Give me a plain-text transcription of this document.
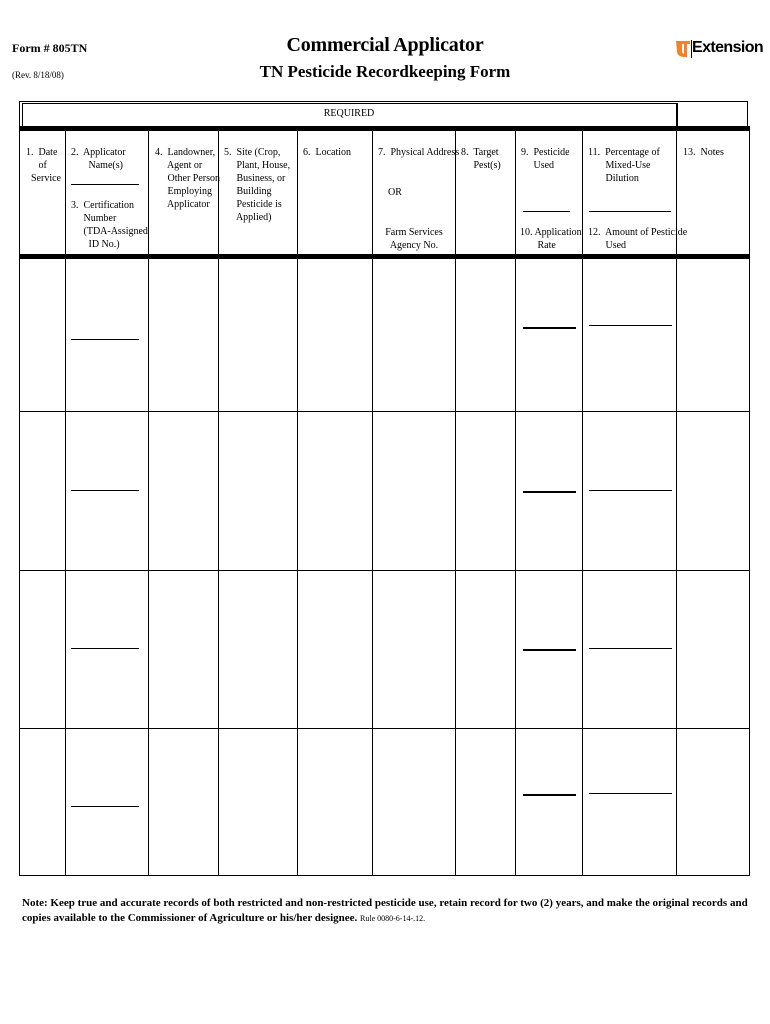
Form # 805TN
(Rev. 8/18/08)
Commercial Applicator
TN Pesticide Recordkeeping Form
Extension
REQUIRED
1.  Date
of
Service
2.  Applicator
Name(s)
3.  Certification
Number
(TDA-Assigned
ID No.)
4.  Landowner,
Agent or
Other Person
Employing
Applicator
5.  Site (Crop,
Plant, House,
Business, or
Building
Pesticide is
Applied)
6.  Location	7.  Physical Address
OR
Farm Services
Agency No.
8.  Target
Pest(s)
9.  Pesticide
Used
10. Application
Rate
11.  Percentage of
Mixed-Use
Dilution
12.  Amount of Pesticide
Used
13.  Notes
Note: Keep true and accurate records of both restricted and non-restricted pesticide use, retain record for two (2) years, and make the original records and copies available to the Commissioner of Agriculture or his/her designee. Rule 0080-6-14-.12.
